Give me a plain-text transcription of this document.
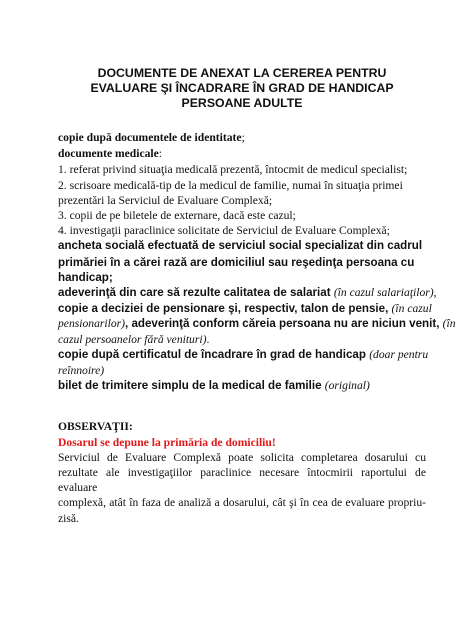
DOCUMENTE DE ANEXAT LA CEREREA PENTRU
EVALUARE ŞI ÎNCADRARE ÎN GRAD DE HANDICAP
PERSOANE ADULTE
copie după documentele de identitate;
documente medicale:
1. referat privind situaţia medicală prezentă, întocmit de medicul specialist;
2. scrisoare medicală-tip de la medicul de familie, numai în situaţia primei
prezentări la Serviciul de Evaluare Complexă;
3. copii de pe biletele de externare, dacă este cazul;
4. investigaţii paraclinice solicitate de Serviciul de Evaluare Complexă;
ancheta socială efectuată de serviciul social specializat din cadrul
primăriei în a cărei rază are domiciliul sau reşedinţa persoana cu
handicap;
adeverinţă din care să rezulte calitatea de salariat (în cazul salariaţilor),
copie a deciziei de pensionare şi, respectiv, talon de pensie, (în cazul
pensionarilor), adeverinţă conform căreia persoana nu are niciun venit, (în
cazul persoanelor fără venituri).
copie după certificatul de încadrare în grad de handicap (doar pentru
reînnoire)
bilet de trimitere simplu de la medical de familie (original)
OBSERVAŢII:
Dosarul se depune la primăria de domiciliu!
Serviciul de Evaluare Complexă poate solicita completarea dosarului cu
rezultate ale investigaţiilor paraclinice necesare întocmirii raportului de evaluare
complexă, atât în faza de analiză a dosarului, cât şi în cea de evaluare propriu-
zisă.
